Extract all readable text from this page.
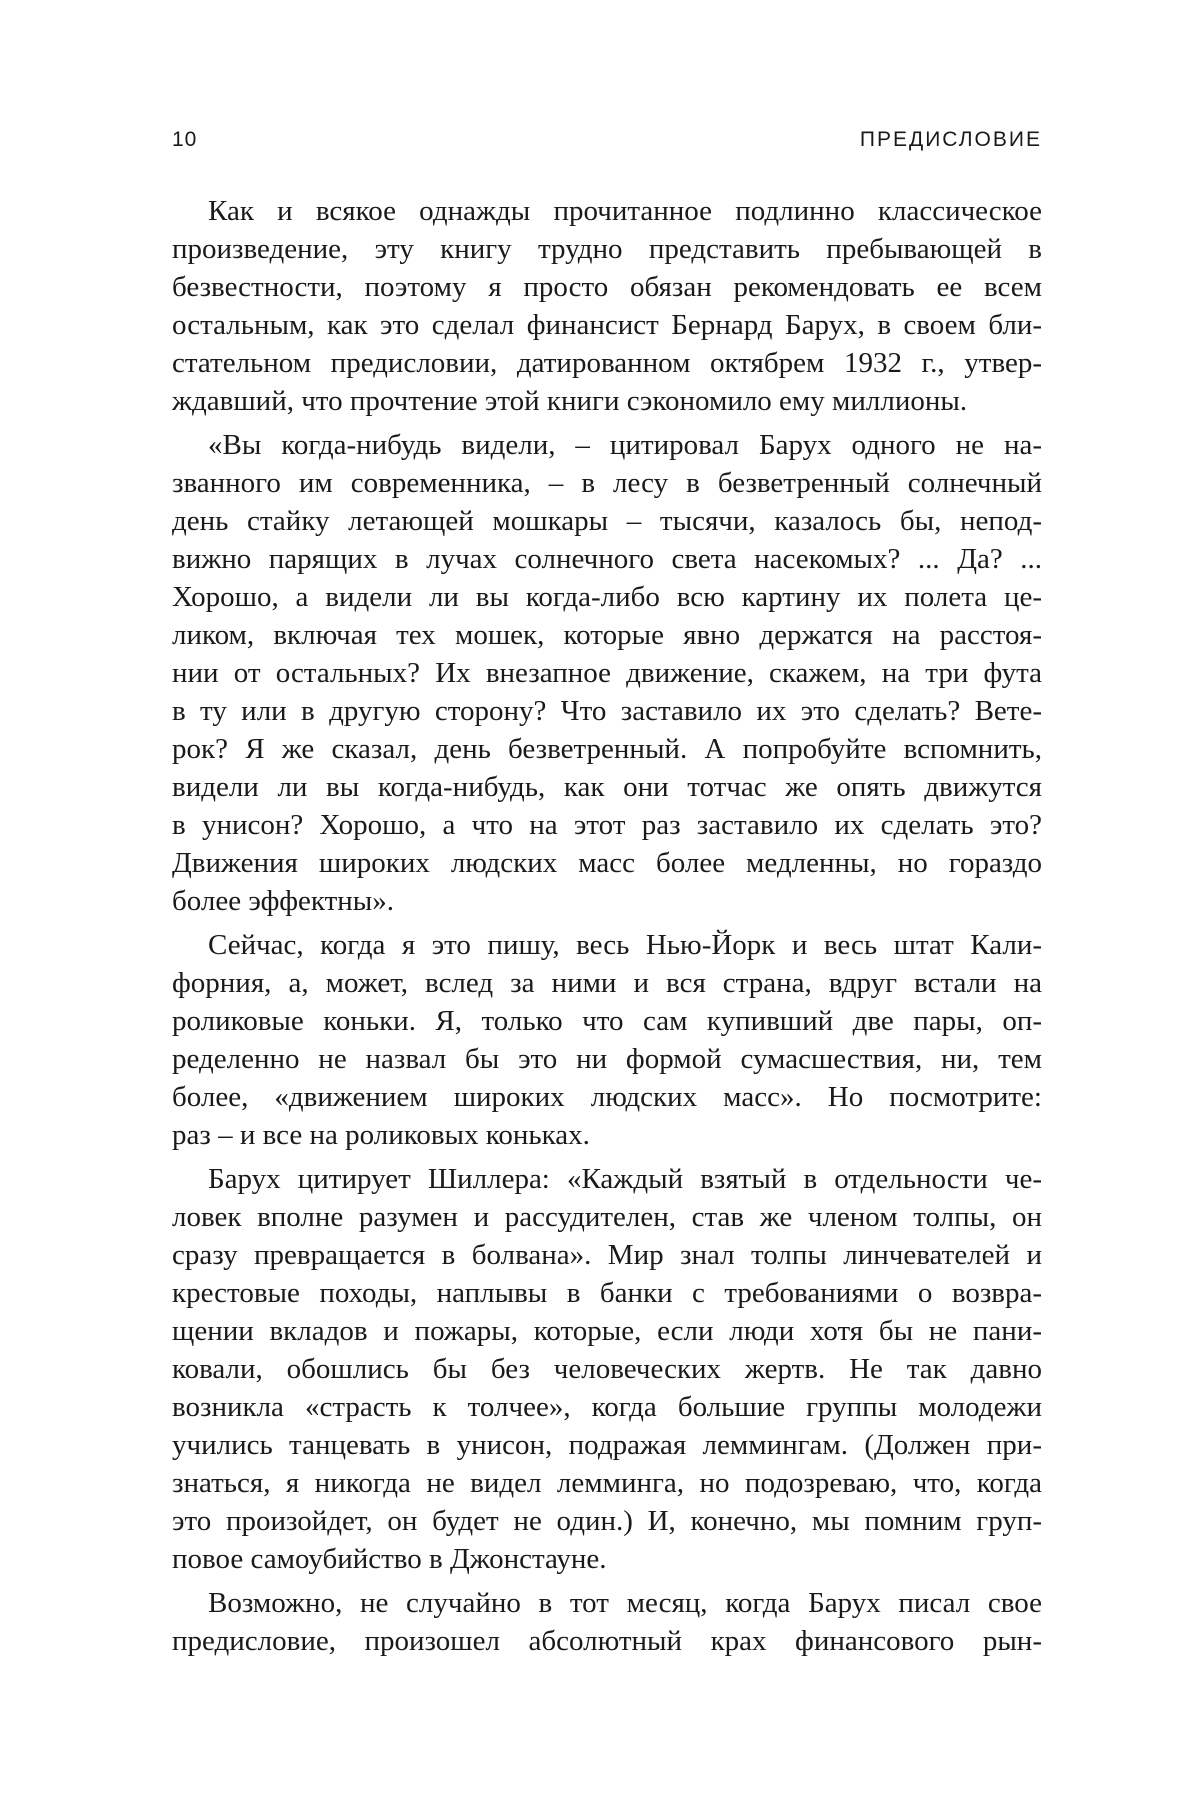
10	ПРЕДИСЛОВИЕ
Как и всякое однажды прочитанное подлинно классическое
произведение, эту книгу трудно представить пребывающей в
безвестности, поэтому я просто обязан рекомендовать ее всем
остальным, как это сделал финансист Бернард Барух, в своем бли-
стательном предисловии, датированном октябрем 1932 г., утвер-
ждавший, что прочтение этой книги сэкономило ему миллионы.
«Вы когда-нибудь видели, – цитировал Барух одного не на-
званного им современника, – в лесу в безветренный солнечный
день стайку летающей мошкары – тысячи, казалось бы, непод-
вижно парящих в лучах солнечного света насекомых? ... Да? ...
Хорошо, а видели ли вы когда-либо всю картину их полета це-
ликом, включая тех мошек, которые явно держатся на расстоя-
нии от остальных? Их внезапное движение, скажем, на три фута
в ту или в другую сторону? Что заставило их это сделать? Вете-
рок? Я же сказал, день безветренный. А попробуйте вспомнить,
видели ли вы когда-нибудь, как они тотчас же опять движутся
в унисон? Хорошо, а что на этот раз заставило их сделать это?
Движения широких людских масс более медленны, но гораздо
более эффектны».
Сейчас, когда я это пишу, весь Нью-Йорк и весь штат Кали-
форния, а, может, вслед за ними и вся страна, вдруг встали на
роликовые коньки. Я, только что сам купивший две пары, оп-
ределенно не назвал бы это ни формой сумасшествия, ни, тем
более, «движением широких людских масс». Но посмотрите:
раз – и все на роликовых коньках.
Барух цитирует Шиллера: «Каждый взятый в отдельности че-
ловек вполне разумен и рассудителен, став же членом толпы, он
сразу превращается в болвана». Мир знал толпы линчевателей и
крестовые походы, наплывы в банки с требованиями о возвра-
щении вкладов и пожары, которые, если люди хотя бы не пани-
ковали, обошлись бы без человеческих жертв. Не так давно
возникла «страсть к толчее», когда большие группы молодежи
учились танцевать в унисон, подражая леммингам. (Должен при-
знаться, я никогда не видел лемминга, но подозреваю, что, когда
это произойдет, он будет не один.) И, конечно, мы помним груп-
повое самоубийство в Джонстауне.
Возможно, не случайно в тот месяц, когда Барух писал свое
предисловие, произошел абсолютный крах финансового рын-
